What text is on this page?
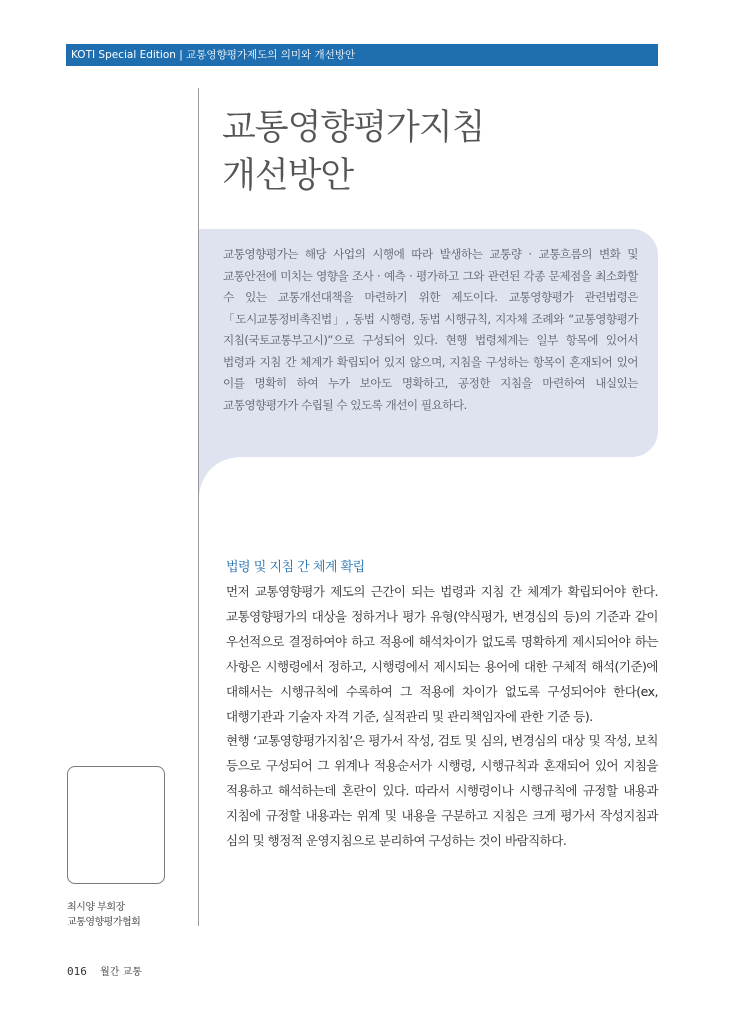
KOTI Special Edition | 교통영향평가제도의 의미와 개선방안
교통영향평가지침
개선방안
교통영향평가는 해당 사업의 시행에 따라 발생하는 교통량 · 교통흐름의 변화 및 교통안전에 미치는 영향을 조사 · 예측 · 평가하고 그와 관련된 각종 문제점을 최소화할 수 있는 교통개선대책을 마련하기 위한 제도이다. 교통영향평가 관련법령은 「도시교통정비촉진법」, 동법 시행령, 동법 시행규칙, 지자체 조례와 “교통영향평가 지침(국토교통부고시)”으로 구성되어 있다. 현행 법령체계는 일부 항목에 있어서 법령과 지침 간 체계가 확립되어 있지 않으며, 지침을 구성하는 항목이 혼재되어 있어 이를 명확히 하여 누가 보아도 명확하고, 공정한 지침을 마련하여 내실있는 교통영향평가가 수립될 수 있도록 개선이 필요하다.
법령 및 지침 간 체계 확립

먼저 교통영향평가 제도의 근간이 되는 법령과 지침 간 체계가 확립되어야 한다. 교통영향평가의 대상을 정하거나 평가 유형(약식평가, 변경심의 등)의 기준과 같이 우선적으로 결정하여야 하고 적용에 해석차이가 없도록 명확하게 제시되어야 하는 사항은 시행령에서 정하고, 시행령에서 제시되는 용어에 대한 구체적 해석(기준)에 대해서는 시행규칙에 수록하여 그 적용에 차이가 없도록 구성되어야 한다(ex, 대행기관과 기술자 자격 기준, 실적관리 및 관리책임자에 관한 기준 등).

현행 ‘교통영향평가지침’은 평가서 작성, 검토 및 심의, 변경심의 대상 및 작성, 보칙 등으로 구성되어 그 위계나 적용순서가 시행령, 시행규칙과 혼재되어 있어 지침을 적용하고 해석하는데 혼란이 있다. 따라서 시행령이나 시행규칙에 규정할 내용과 지침에 규정할 내용과는 위계 및 내용을 구분하고 지침은 크게 평가서 작성지침과 심의 및 행정적 운영지침으로 분리하여 구성하는 것이 바람직하다.

최시양 부회장
교통영향평가협회
016 월간 교통
